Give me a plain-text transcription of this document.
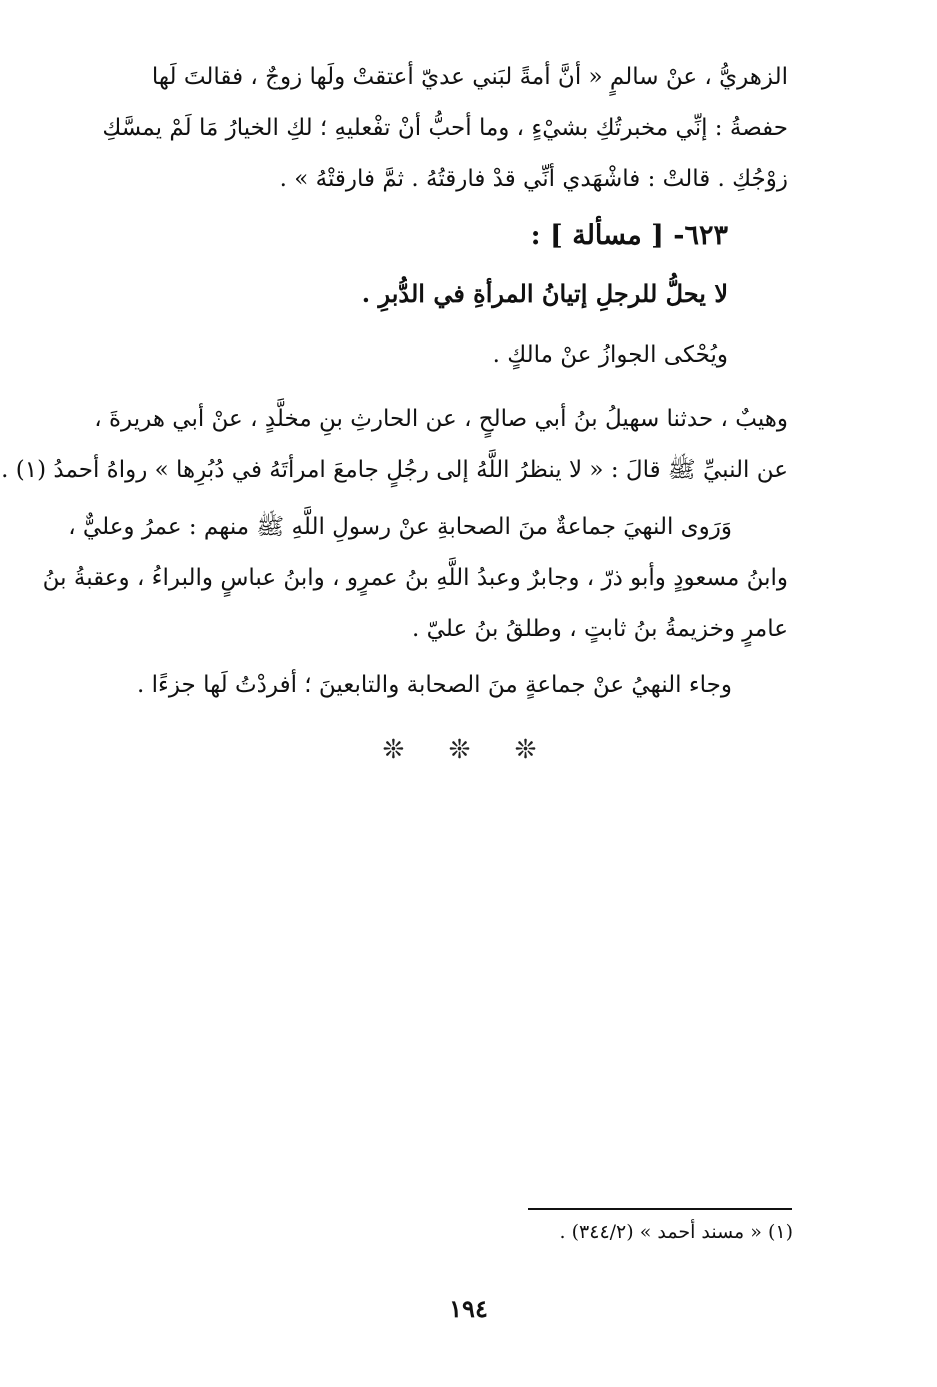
الزهريُّ ، عنْ سالمٍ « أنَّ أمةً لبَني عديّ أعتقتْ ولَها زوجٌ ، فقالتَ لَها
حفصةُ : إنِّي مخبرتُكِ بشيْءٍ ، وما أحبُّ أنْ تفْعليهِ ؛ لكِ الخيارُ مَا لَمْ يمسَّكِ
زوْجُكِ . قالتْ : فاشْهَدي أنِّي قدْ فارقتُهُ . ثمَّ فارقتْهُ » .
٦٢٣- [ مسألة ] :
لا يحلُّ للرجلِ إتيانُ المرأةِ في الدُّبرِ .
ويُحْكى الجوازُ عنْ مالكٍ .
وهيبٌ ، حدثنا سهيلُ بنُ أبي صالحٍ ، عن الحارثِ بنِ مخلَّدٍ ، عنْ أبي هريرةَ ،
عن النبيِّ ﷺ قالَ : « لا ينظرُ اللَّهُ إلى رجُلٍ جامعَ امرأتَهُ في دُبُرِها » رواهُ أحمدُ (١) .
وَرَوى النهيَ جماعةٌ منَ الصحابةِ عنْ رسولِ اللَّهِ ﷺ منهم : عمرُ وعليٌّ ،
وابنُ مسعودٍ وأبو ذرّ ، وجابرٌ وعبدُ اللَّهِ بنُ عمرٍو ، وابنُ عباسٍ والبراءُ ، وعقبةُ بنُ
عامرٍ وخزيمةُ بنُ ثابتٍ ، وطلقُ بنُ عليّ .
وجاء النهيُ عنْ جماعةٍ منَ الصحابة والتابعينَ ؛ أفردْتُ لَها جزءًا .
❊ ❊ ❊
(١) « مسند أحمد » (٣٤٤/٢) .
١٩٤
